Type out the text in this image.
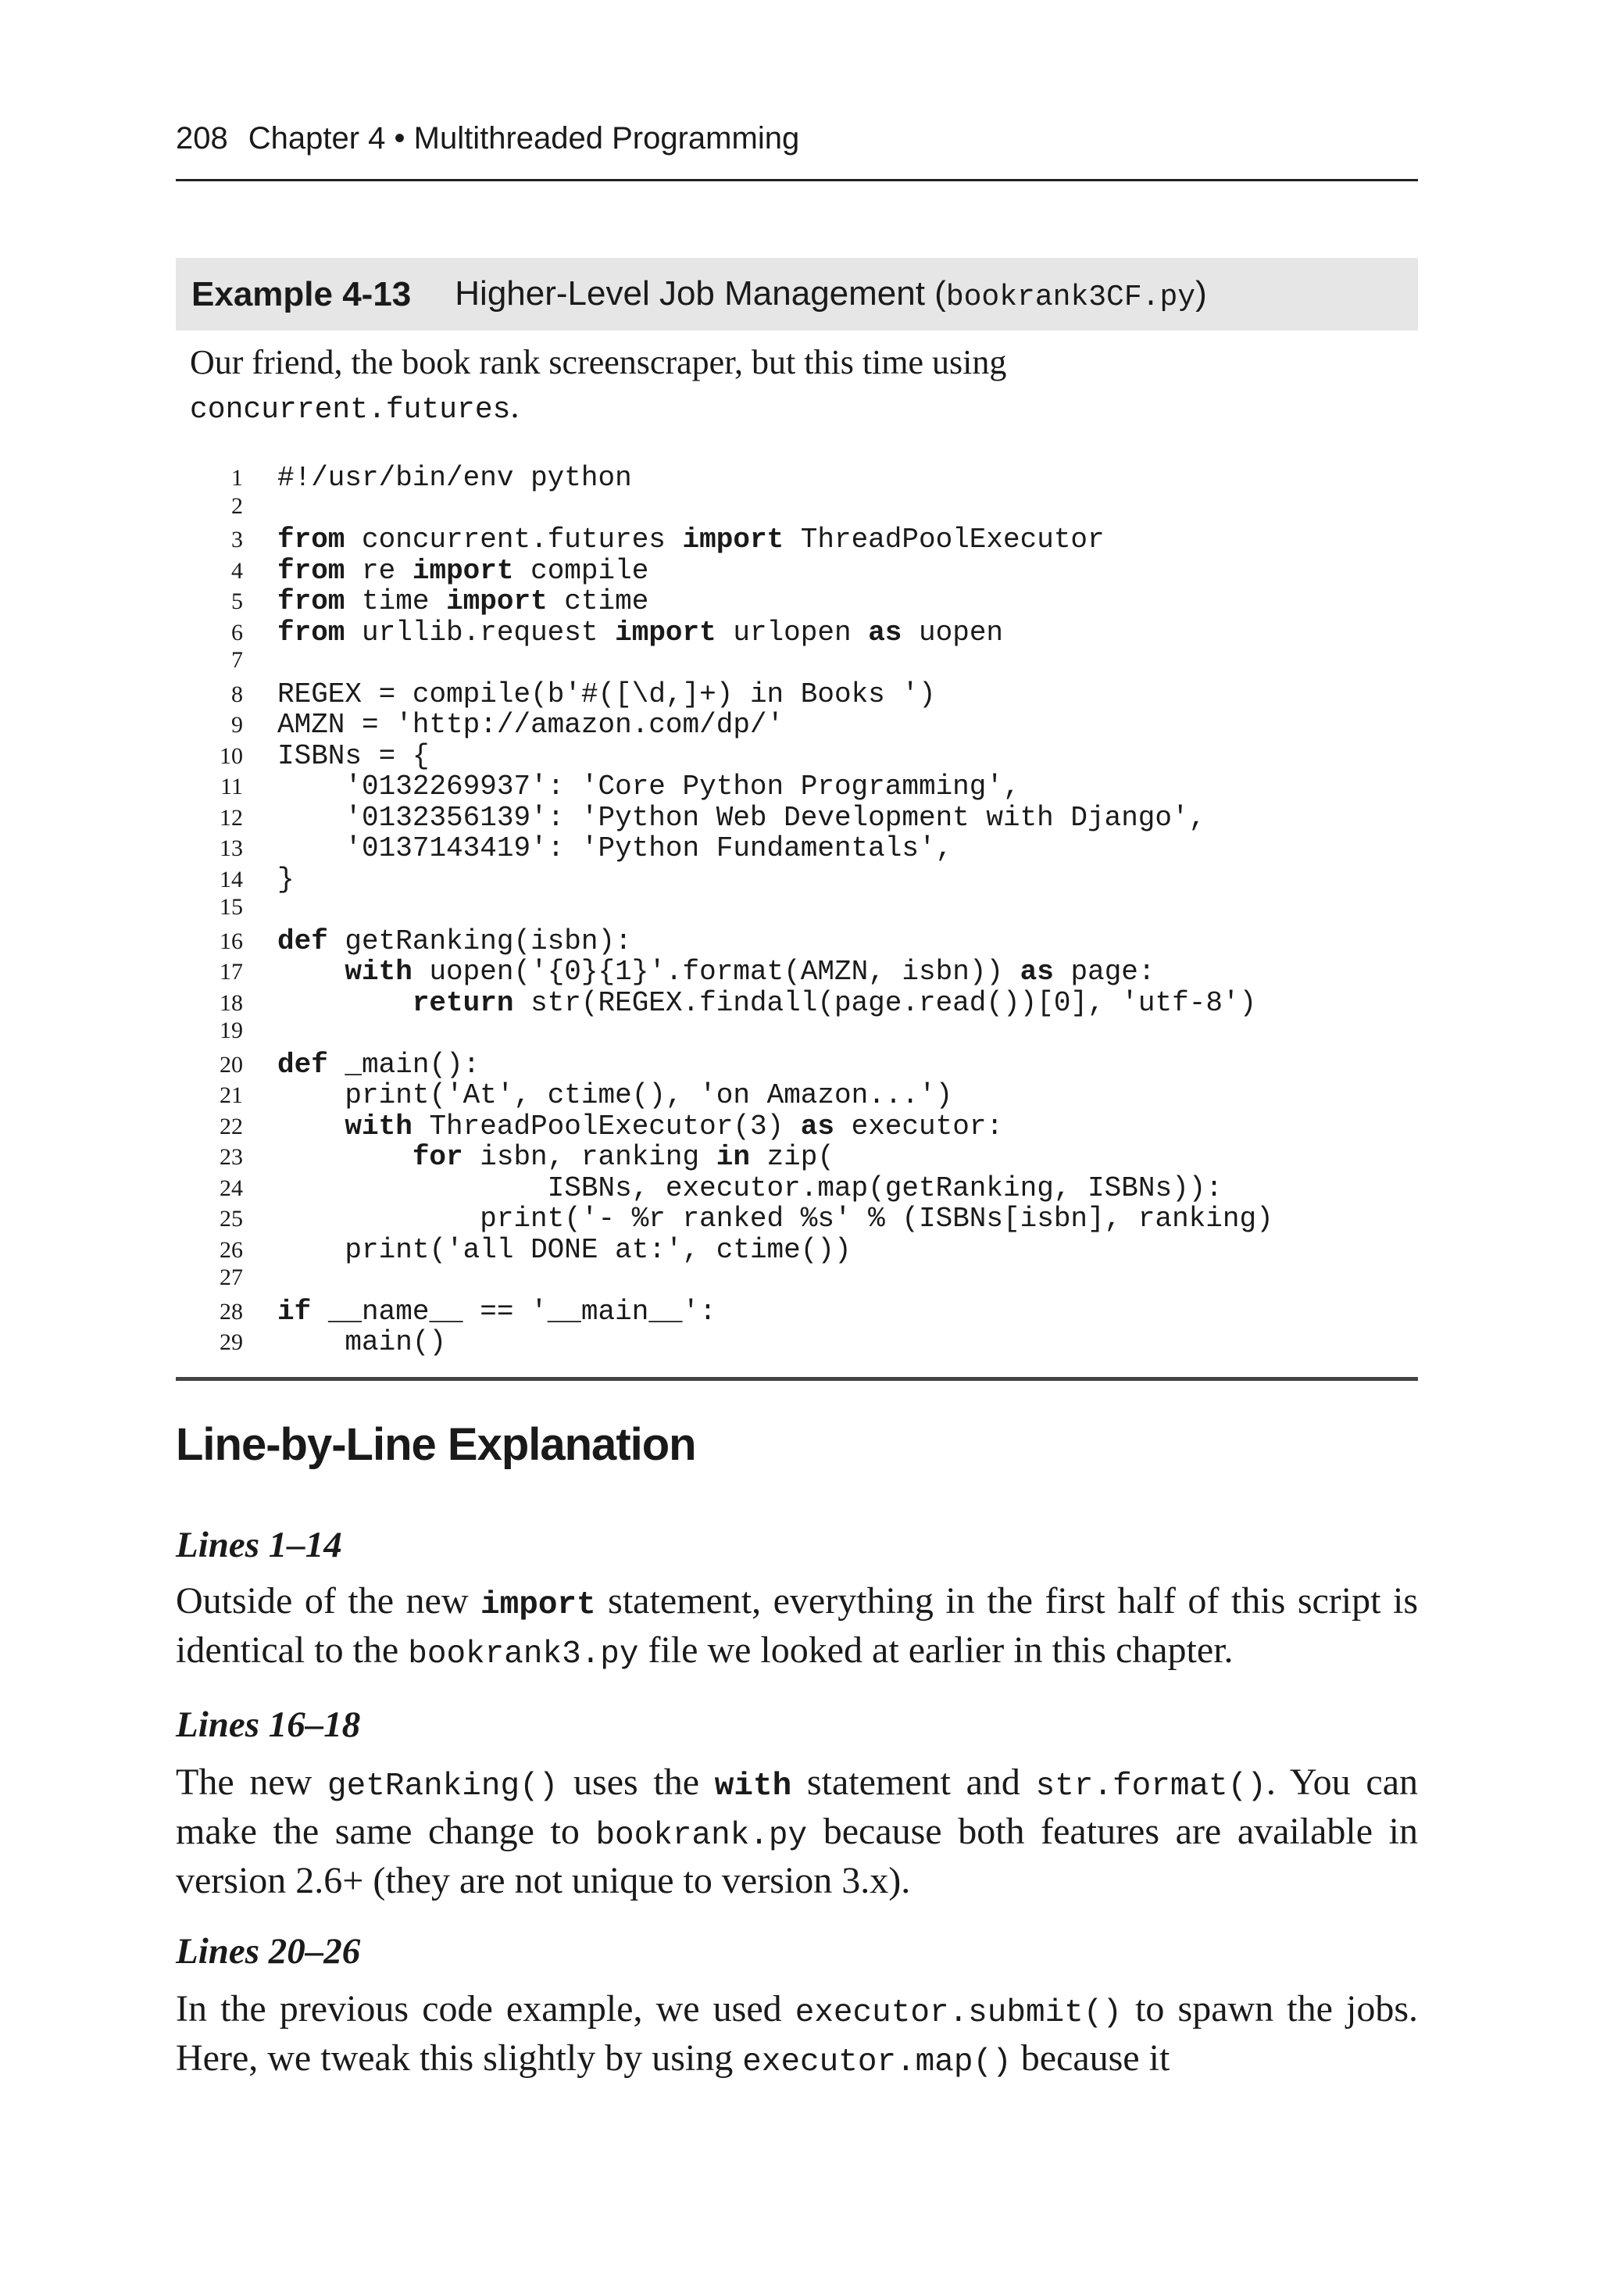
208 Chapter 4 • Multithreaded Programming
Example 4-13 Higher-Level Job Management (bookrank3CF.py)
Our friend, the book rank screenscraper, but this time using
concurrent.futures.
1 #!/usr/bin/env python
2
3 from concurrent.futures import ThreadPoolExecutor
4 from re import compile
5 from time import ctime
6 from urllib.request import urlopen as uopen
7
8 REGEX = compile(b'#([\d,]+) in Books ')
9 AMZN = 'http://amazon.com/dp/'
10 ISBNs = {
11	'0132269937': 'Core Python Programming',
12	'0132356139': 'Python Web Development with Django',
13	'0137143419': 'Python Fundamentals',
14 }
15
16 def getRanking(isbn):
17	with uopen('{0}{1}'.format(AMZN, isbn)) as page:
18	return str(REGEX.findall(page.read())[0], 'utf-8')
19
20 def _main():
21	print('At', ctime(), 'on Amazon...')
22	with ThreadPoolExecutor(3) as executor:
23	for isbn, ranking in zip(
24	ISBNs, executor.map(getRanking, ISBNs)):
25	print('- %r ranked %s' % (ISBNs[isbn], ranking)
26	print('all DONE at:', ctime())
27
28 if __name__ == '__main__':
29	main()
Line-by-Line Explanation
Lines 1–14
Outside of the new import statement, everything in the first half of this script is identical to the bookrank3.py file we looked at earlier in this chapter.
Lines 16–18
The new getRanking() uses the with statement and str.format(). You can make the same change to bookrank.py because both features are available in version 2.6+ (they are not unique to version 3.x).
Lines 20–26
In the previous code example, we used executor.submit() to spawn the jobs. Here, we tweak this slightly by using executor.map() because it
